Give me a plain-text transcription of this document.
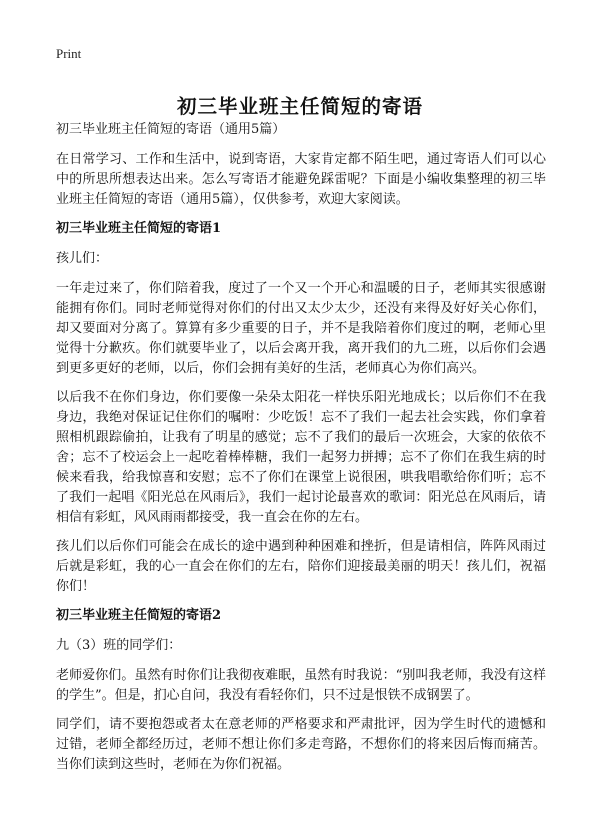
Print
初三毕业班主任简短的寄语

初三毕业班主任简短的寄语（通用5篇）

在日常学习、工作和生活中，说到寄语，大家肯定都不陌生吧，通过寄语人们可以心中的所思所想表达出来。怎么写寄语才能避免踩雷呢？下面是小编收集整理的初三毕业班主任简短的寄语（通用5篇），仅供参考，欢迎大家阅读。

初三毕业班主任简短的寄语1

孩儿们：

一年走过来了，你们陪着我，度过了一个又一个开心和温暖的日子，老师其实很感谢能拥有你们。同时老师觉得对你们的付出又太少太少，还没有来得及好好关心你们，却又要面对分离了。算算有多少重要的日子，并不是我陪着你们度过的啊，老师心里觉得十分歉疚。你们就要毕业了，以后会离开我，离开我们的九二班，以后你们会遇到更多更好的老师，以后，你们会拥有美好的生活，老师真心为你们高兴。

以后我不在你们身边，你们要像一朵朵太阳花一样快乐阳光地成长；以后你们不在我身边，我绝对保证记住你们的嘱咐：少吃饭！忘不了我们一起去社会实践，你们拿着照相机跟踪偷拍，让我有了明星的感觉；忘不了我们的最后一次班会，大家的依依不舍；忘不了校运会上一起吃着棒棒糖，我们一起努力拼搏；忘不了你们在我生病的时候来看我，给我惊喜和安慰；忘不了你们在课堂上说很困，哄我唱歌给你们听；忘不了我们一起唱《阳光总在风雨后》，我们一起讨论最喜欢的歌词：阳光总在风雨后，请相信有彩虹，风风雨雨都接受，我一直会在你的左右。

孩儿们以后你们可能会在成长的途中遇到种种困难和挫折，但是请相信，阵阵风雨过后就是彩虹，我的心一直会在你们的左右，陪你们迎接最美丽的明天！孩儿们，祝福你们！

初三毕业班主任简短的寄语2

九（3）班的同学们：

老师爱你们。虽然有时你们让我彻夜难眠，虽然有时我说：“别叫我老师，我没有这样的学生”。但是，扪心自问，我没有看轻你们，只不过是恨铁不成钢罢了。

同学们，请不要抱怨或者太在意老师的严格要求和严肃批评，因为学生时代的遗憾和过错，老师全都经历过，老师不想让你们多走弯路，不想你们的将来因后悔而痛苦。当你们读到这些时，老师在为你们祝福。
